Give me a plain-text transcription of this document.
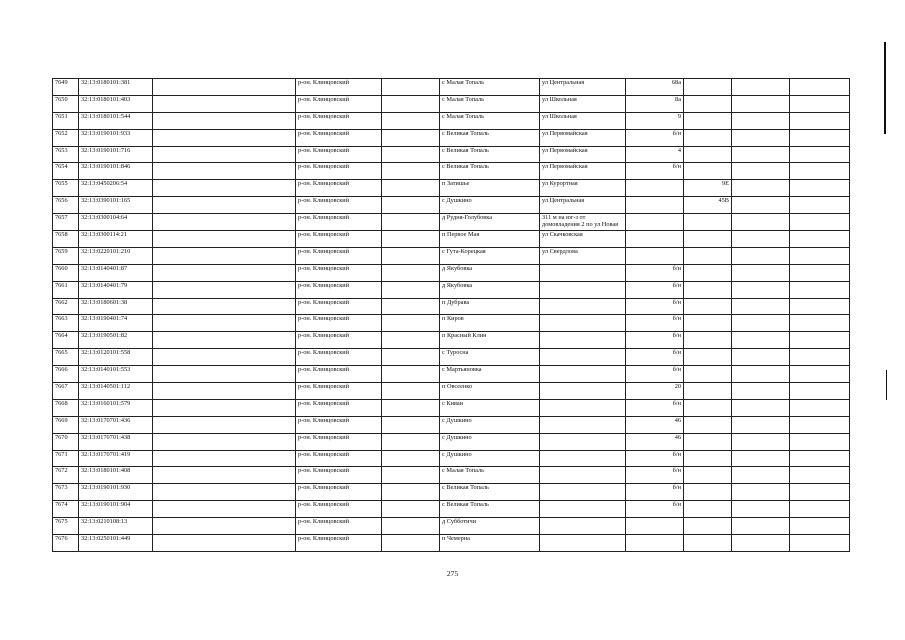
7649	32:13:0180101:381		р-он. Клинцовский		с Малая Топаль	ул Центральная	68а			
7650	32:13:0180101:403		р-он. Клинцовский		с Малая Топаль	ул Школьная	8а			
7651	32:13:0180101:544		р-он. Клинцовский		с Малая Топаль	ул Школьная	9			
7652	32:13:0190101:933		р-он. Клинцовский		с Великая Топаль	ул Первомайская	б/н			
7653	32:13:0190101:716		р-он. Клинцовский		с Великая Топаль	ул Первомайская	4			
7654	32:13:0190101:846		р-он. Клинцовский		с Великая Топаль	ул Первомайская	б/н			
7655	32:13:0450206:54		р-он. Клинцовский		п Затишье	ул Курортная		9Е		
7656	32:13:0390101:165		р-он. Клинцовский		с Душкино	ул Центральная		45В		
7657	32:13:0300104:64		р-он. Клинцовский		д Рудня-Голубовка	311 м на юг-з от домовладения 2 по ул Новая				
7658	32:13:0300114:21		р-он. Клинцовский		п Первое Мая	ул Скачковская				
7659	32:13:0220101:210		р-он. Клинцовский		с Гута-Корецкая	ул Свердлова				
7660	32:13:0140401:87		р-он. Клинцовский		д Якубовка		б/н			
7661	32:13:0140401:79		р-он. Клинцовский		д Якубовка		б/н			
7662	32:13:0180601:38		р-он. Клинцовский		п Дубрава		б/н			
7663	32:13:0190401:74		р-он. Клинцовский		п Киров		б/н			
7664	32:13:0190501:82		р-он. Клинцовский		п Красный Клин		б/н			
7665	32:13:0120101:558		р-он. Клинцовский		с Туросна		б/н			
7666	32:13:0140101:553		р-он. Клинцовский		с Мартьяновка		б/н			
7667	32:13:0140501:112		р-он. Клинцовский		п Овсеенко		20			
7668	32:13:0160101:579		р-он. Клинцовский		с Киваи		б/н			
7669	32:13:0170701:436		р-он. Клинцовский		с Душкино		46			
7670	32:13:0170701:438		р-он. Клинцовский		с Душкино		46			
7671	32:13:0170701:419		р-он. Клинцовский		с Душкино		б/н			
7672	32:13:0180101:408		р-он. Клинцовский		с Малая Топаль		б/н			
7673	32:13:0190101:930		р-он. Клинцовский		с Великая Топаль		б/н			
7674	32:13:0190101:904		р-он. Клинцовский		с Великая Топаль		б/н			
7675	32:13:0210108:13		р-он. Клинцовский		д Субботичи					
7676	32:13:0250101:449		р-он. Клинцовский		п Чемерна					
275
